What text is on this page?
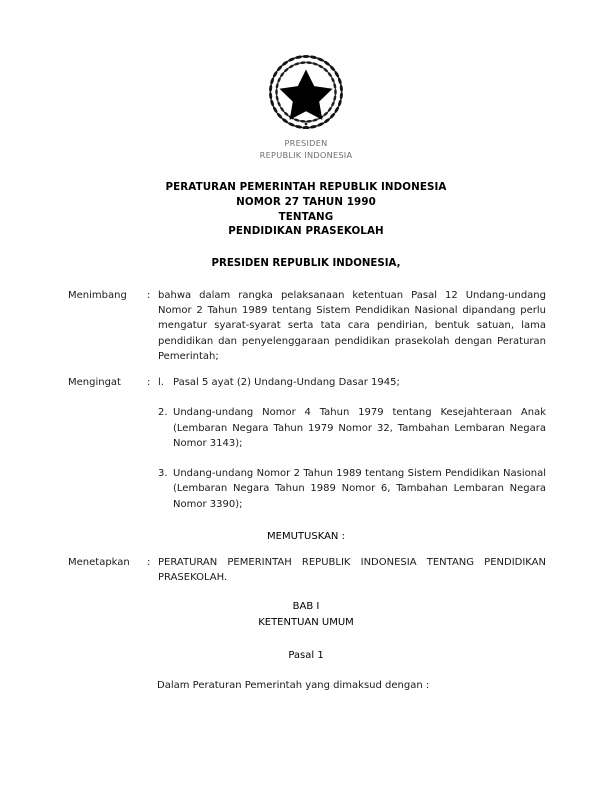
PRESIDEN
REPUBLIK INDONESIA
PERATURAN PEMERINTAH REPUBLIK INDONESIA
NOMOR 27 TAHUN 1990
TENTANG
PENDIDIKAN PRASEKOLAH
PRESIDEN REPUBLIK INDONESIA,
Menimbang	: bahwa dalam rangka pelaksanaan ketentuan Pasal 12 Undang-undang Nomor 2 Tahun 1989 tentang Sistem Pendidikan Nasional dipandang perlu mengatur syarat-syarat serta tata cara pendirian, bentuk satuan, lama pendidikan dan penyelenggaraan pendidikan prasekolah dengan Peraturan Pemerintah;
Mengingat	: l. Pasal 5 ayat (2) Undang-Undang Dasar 1945;
2. Undang-undang Nomor 4 Tahun 1979 tentang Kesejahteraan Anak (Lembaran Negara Tahun 1979 Nomor 32, Tambahan Lembaran Negara Nomor 3143);
3. Undang-undang Nomor 2 Tahun 1989 tentang Sistem Pendidikan Nasional (Lembaran Negara Tahun 1989 Nomor 6, Tambahan Lembaran Negara Nomor 3390);
MEMUTUSKAN :
Menetapkan	: PERATURAN PEMERINTAH REPUBLIK INDONESIA TENTANG PENDIDIKAN PRASEKOLAH.
BAB I
KETENTUAN UMUM
Pasal 1
Dalam Peraturan Pemerintah yang dimaksud dengan :
